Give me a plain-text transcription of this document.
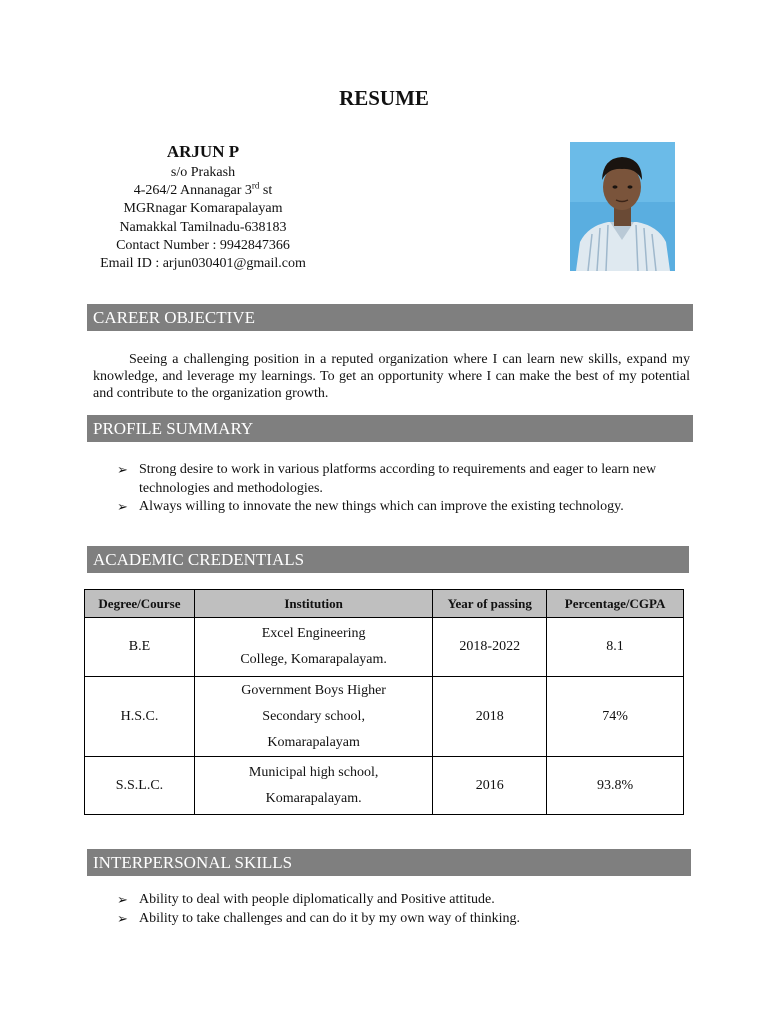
RESUME
ARJUN P
s/o Prakash
4-264/2 Annanagar 3rd st
MGRnagar Komarapalayam
Namakkal Tamilnadu-638183
Contact Number : 9942847366
Email ID : arjun030401@gmail.com
CAREER OBJECTIVE
Seeing a challenging position in a reputed organization where I can learn new skills, expand my knowledge, and leverage my learnings. To get an opportunity where I can make the best of my potential and contribute to the organization growth.
PROFILE SUMMARY
➢ Strong desire to work in various platforms according to requirements and eager to learn new technologies and methodologies.
➢ Always willing to innovate the new things which can improve the existing technology.
ACADEMIC CREDENTIALS
Degree/Course	Institution	Year of passing	Percentage/CGPA
B.E	Excel Engineering
College, Komarapalayam.	2018-2022	8.1
H.S.C.	Government Boys Higher
Secondary school,
Komarapalayam	2018	74%
S.S.L.C.	Municipal high school,
Komarapalayam.	2016	93.8%
INTERPERSONAL SKILLS
➢ Ability to deal with people diplomatically and Positive attitude.
➢ Ability to take challenges and can do it by my own way of thinking.
